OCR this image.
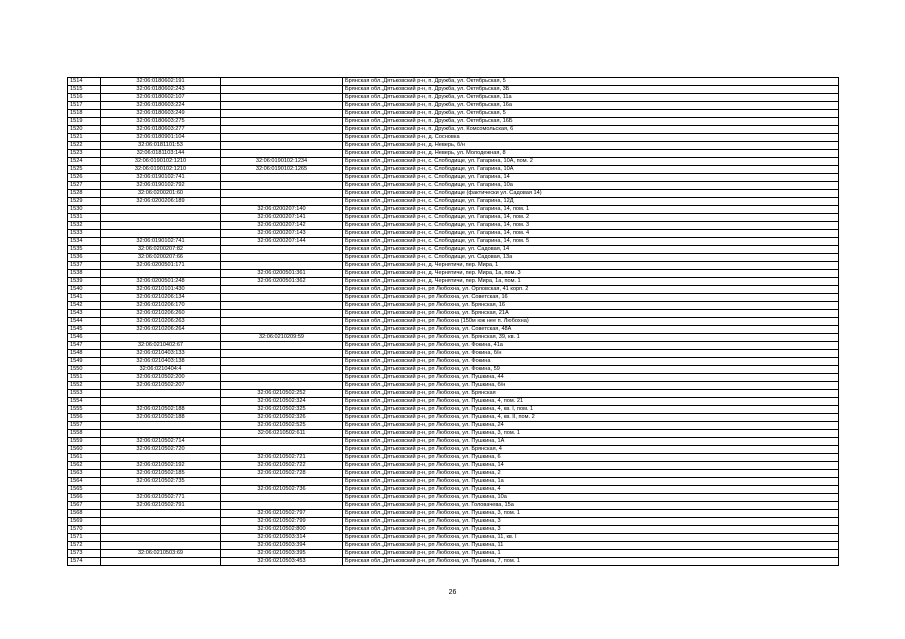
1514	32:06:0180602:191		Брянская обл.,Дятьковский р-н, п. Дружба, ул. Октябрьская, 5
1515	32:06:0180602:243		Брянская обл.,Дятьковский р-н, п. Дружба, ул. Октябрьская, 3Б
1516	32:06:0180602:107		Брянская обл.,Дятьковский р-н, п. Дружба, ул. Октябрьская, 11а
1517	32:06:0180603:224		Брянская обл.,Дятьковский р-н, п. Дружба, ул. Октябрьская, 16а
1518	32:06:0180603:249		Брянская обл.,Дятьковский р-н, п. Дружба, ул. Октябрьская, 5
1519	32:06:0180603:275		Брянская обл.,Дятьковский р-н, п. Дружба, ул. Октябрьская, 16Б
1520	32:06:0180603:277		Брянская обл.,Дятьковский р-н, п. Дружба, ул. Комсомольская, 6
1521	32:06:0180901:104		Брянская обл.,Дятьковский р-н, д. Сосновка
1522	32:06:0181101:53		Брянская обл.,Дятьковский р-н, д. Неверь, б/н
1523	32:06:0181103:144		Брянская обл.,Дятьковский р-н, д. Неверь, ул. Молодежная, 8
1524	32:06:0190102:1210	32:06:0190102:1234	Брянская обл.,Дятьковский р-н, с. Слободище, ул. Гагарина, 10А, пом. 2
1525	32:06:0190102:1210	32:06:0190102:1265	Брянская обл.,Дятьковский р-н, с. Слободище, ул. Гагарина, 10А
1526	32:06:0190102:741		Брянская обл.,Дятьковский р-н, с. Слободище, ул. Гагарина, 14
1527	32:06:0190102:792		Брянская обл.,Дятьковский р-н, с. Слободище, ул. Гагарина, 10а
1528	32:06:0200201:60		Брянская обл.,Дятьковский р-н, с. Слободище (фактически ул. Садовая 14)
1529	32:06:0200206:189		Брянская обл.,Дятьковский р-н, с. Слободище, ул. Гагарина, 12Д
1530		32:06:0200207:140	Брянская обл.,Дятьковский р-н, с. Слободище, ул. Гагарина, 14, пом. 1
1531		32:06:0200207:141	Брянская обл.,Дятьковский р-н, с. Слободище, ул. Гагарина, 14, пом. 2
1532		32:06:0200207:142	Брянская обл.,Дятьковский р-н, с. Слободище, ул. Гагарина, 14, пом. 3
1533		32:06:0200207:143	Брянская обл.,Дятьковский р-н, с. Слободище, ул. Гагарина, 14, пом. 4
1534	32:06:0190102:741	32:06:0200207:144	Брянская обл.,Дятьковский р-н, с. Слободище, ул. Гагарина, 14, пом. 5
1535	32:06:0200207:82		Брянская обл.,Дятьковский р-н, с. Слободище, ул. Садовая, 14
1536	32:06:0200207:66		Брянская обл.,Дятьковский р-н, с. Слободище, ул. Садовая, 13а
1537	32:06:0200501:171		Брянская обл.,Дятьковский р-н, д. Чернятичи, пер. Мира, 1
1538		32:06:0200501:361	Брянская обл.,Дятьковский р-н, д. Чернятичи, пер. Мира, 1а, пом. 3
1539	32:06:0200501:248	32:06:0200501:362	Брянская обл.,Дятьковский р-н, д. Чернятичи, пер. Мира, 1а, пом. 1
1540	32:06:0210101:430		Брянская обл.,Дятьковский р-н, рп Любохна, ул. Орловская, 41 корп. 2
1541	32:06:0210206:134		Брянская обл.,Дятьковский р-н, рп Любохна, ул. Советская, 16
1542	32:06:0210206:170		Брянская обл.,Дятьковский р-н, рп Любохна, ул. Брянская, 16
1543	32:06:0210206:260		Брянская обл.,Дятьковский р-н, рп Любохна, ул. Брянская, 21А
1544	32:06:0210206:263		Брянская обл.,Дятьковский р-н, рп Любохна (150м юж нее п. Любохна)
1545	32:06:0210206:264		Брянская обл.,Дятьковский р-н, рп Любохна, ул. Советская, 48А
1546		32:06:0210209:59	Брянская обл.,Дятьковский р-н, рп Любохна, ул. Брянская, 39, кв. 1
1547	32:06:0210402:67		Брянская обл.,Дятьковский р-н, рп Любохна, ул. Фокина, 41а
1548	32:06:0210403:133		Брянская обл.,Дятьковский р-н, рп Любохна, ул. Фокина, б/н
1549	32:06:0210403:138		Брянская обл.,Дятьковский р-н, рп Любохна, ул. Фокина
1550	32:06:0210404:4		Брянская обл.,Дятьковский р-н, рп Любохна, ул. Фокина, 59
1551	32:06:0210502:200		Брянская обл.,Дятьковский р-н, рп Любохна, ул. Пушкина, 44
1552	32:06:0210502:207		Брянская обл.,Дятьковский р-н, рп Любохна, ул. Пушкина, б/н
1553		32:06:0210502:252	Брянская обл.,Дятьковский р-н, рп Любохна, ул. Брянская
1554		32:06:0210502:324	Брянская обл.,Дятьковский р-н, рп Любохна, ул. Пушкина, 4, пом. 21
1555	32:06:0210502:188	32:06:0210502:325	Брянская обл.,Дятьковский р-н, рп Любохна, ул. Пушкина, 4, кв. I, пом. 1
1556	32:06:0210502:188	32:06:0210502:326	Брянская обл.,Дятьковский р-н, рп Любохна, ул. Пушкина, 4, кв. II, пом. 2
1557		32:06:0210502:525	Брянская обл.,Дятьковский р-н, рп Любохна, ул. Пушкина, 24
1558		32:06:0210502:611	Брянская обл.,Дятьковский р-н, рп Любохна, ул. Пушкина, 3, пом. 1
1559	32:06:0210502:714		Брянская обл.,Дятьковский р-н, рп Любохна, ул. Пушкина, 1А
1560	32:06:0210502:720		Брянская обл.,Дятьковский р-н, рп Любохна, ул. Брянская, 4
1561		32:06:0210502:721	Брянская обл.,Дятьковский р-н, рп Любохна, ул. Пушкина, 6
1562	32:06:0210502:192	32:06:0210502:722	Брянская обл.,Дятьковский р-н, рп Любохна, ул. Пушкина, 14
1563	32:06:0210502:185	32:06:0210502:728	Брянская обл.,Дятьковский р-н, рп Любохна, ул. Пушкина, 2
1564	32:06:0210502:735		Брянская обл.,Дятьковский р-н, рп Любохна, ул. Пушкина, 1а
1565		32:06:0210502:736	Брянская обл.,Дятьковский р-н, рп Любохна, ул. Пушкина, 4
1566	32:06:0210502:771		Брянская обл.,Дятьковский р-н, рп Любохна, ул. Пушкина, 10а
1567	32:06:0210502:791		Брянская обл.,Дятьковский р-н, рп Любохна, ул. Головачева, 15а
1568		32:06:0210502:797	Брянская обл.,Дятьковский р-н, рп Любохна, ул. Пушкина, 3, пом. 1
1569		32:06:0210502:799	Брянская обл.,Дятьковский р-н, рп Любохна, ул. Пушкина, 3
1570		32:06:0210502:800	Брянская обл.,Дятьковский р-н, рп Любохна, ул. Пушкина, 3
1571		32:06:0210503:314	Брянская обл.,Дятьковский р-н, рп Любохна, ул. Пушкина, 11, кв. I
1572		32:06:0210503:394	Брянская обл.,Дятьковский р-н, рп Любохна, ул. Пушкина, 11
1573	32:06:0210503:69	32:06:0210503:395	Брянская обл.,Дятьковский р-н, рп Любохна, ул. Пушкина, 1
1574		32:06:0210503:453	Брянская обл.,Дятьковский р-н, рп Любохна, ул. Пушкина, 7, пом. 1
26
